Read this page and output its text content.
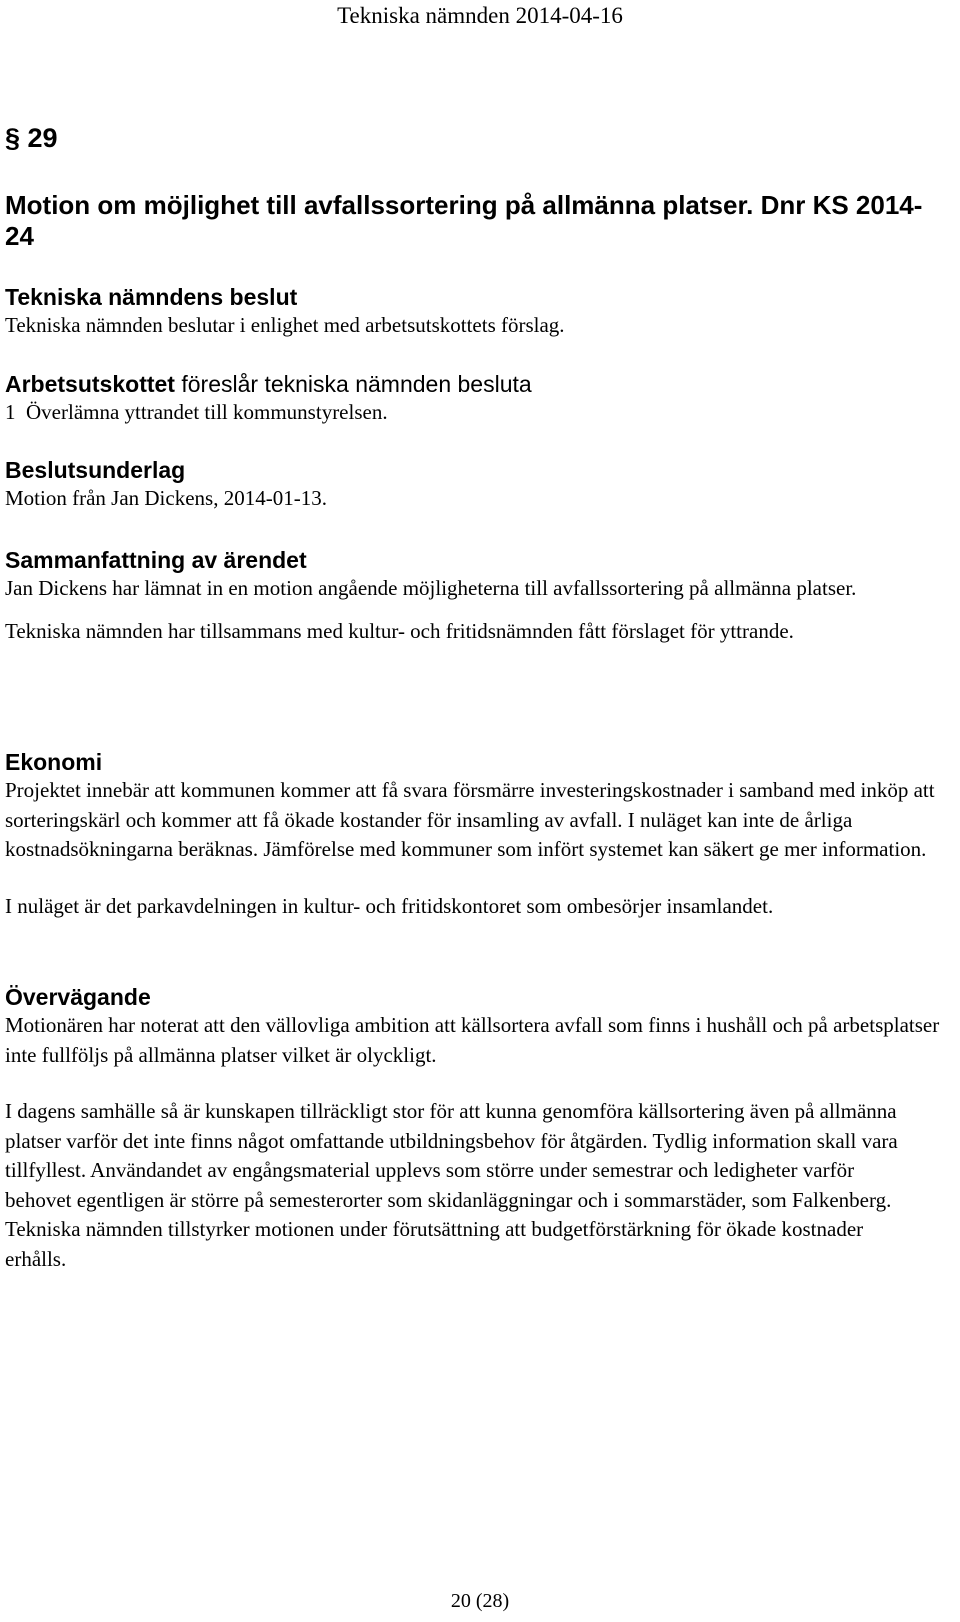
Tekniska nämnden 2014-04-16

§ 29
Motion om möjlighet till avfallssortering på allmänna platser. Dnr KS 2014-24
Tekniska nämndens beslut
Tekniska nämnden beslutar i enlighet med arbetsutskottets förslag.
Arbetsutskottet föreslår tekniska nämnden besluta
1  Överlämna yttrandet till kommunstyrelsen.
Beslutsunderlag
Motion från Jan Dickens, 2014-01-13.
Sammanfattning av ärendet
Jan Dickens har lämnat in en motion angående möjligheterna till avfallssortering på allmänna platser.
Tekniska nämnden har tillsammans med kultur- och fritidsnämnden fått förslaget för yttrande.
Ekonomi
Projektet innebär att kommunen kommer att få svara försmärre investeringskostnader i samband med inköp att sorteringskärl och kommer att få ökade kostander för insamling av avfall. I nuläget kan inte de årliga kostnadsökningarna beräknas. Jämförelse med kommuner som infört systemet kan säkert ge mer information.
I nuläget är det parkavdelningen in kultur- och fritidskontoret som ombesörjer insamlandet.
Övervägande
Motionären har noterat att den vällovliga ambition att källsortera avfall som finns i hushåll och på arbetsplatser inte fullföljs på allmänna platser vilket är olyckligt.
I dagens samhälle så är kunskapen tillräckligt stor för att kunna genomföra källsortering även på allmänna platser varför det inte finns något omfattande utbildningsbehov för åtgärden. Tydlig information skall vara tillfyllest. Användandet av engångsmaterial upplevs som större under semestrar och ledigheter varför behovet egentligen är större på semesterorter som skidanläggningar och i sommarstäder, som Falkenberg. Tekniska nämnden tillstyrker motionen under förutsättning att budgetförstärkning för ökade kostnader erhålls.

20 (28)
